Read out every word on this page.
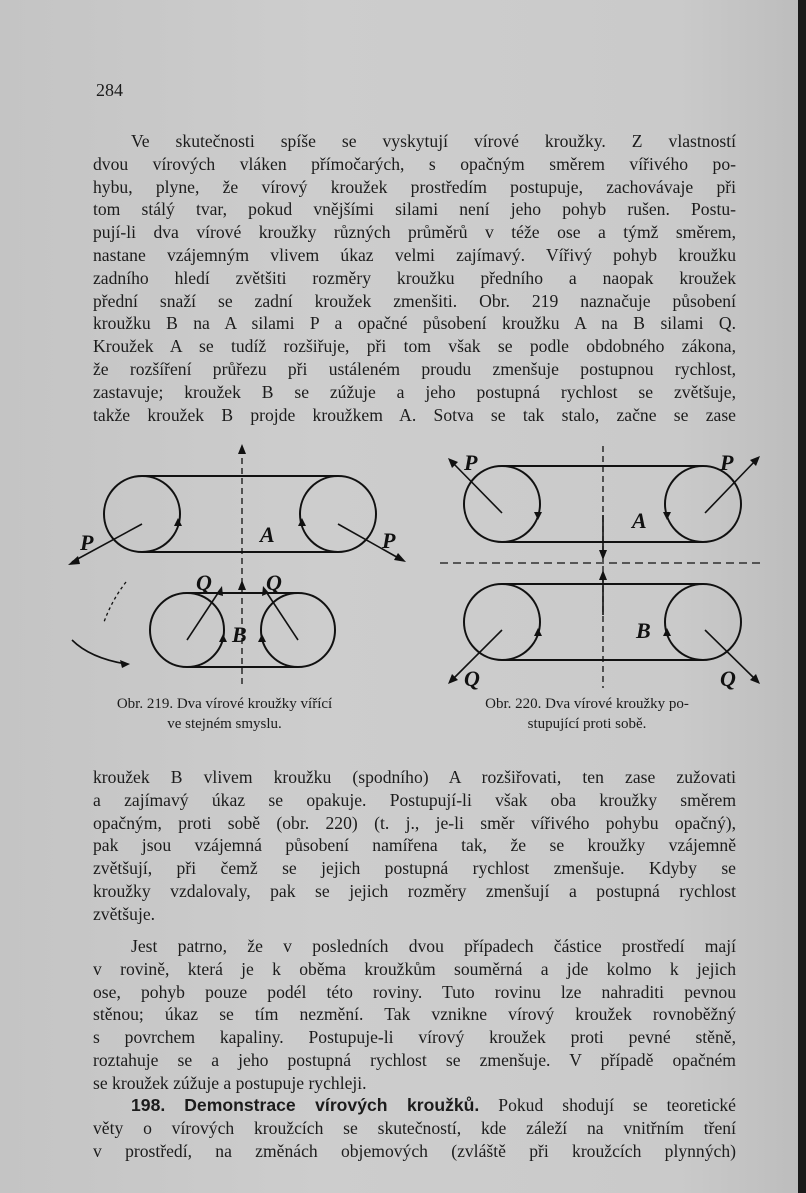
284
Ve skutečnosti spíše se vyskytují vírové kroužky. Z vlastností
dvou vírových vláken přímočarých, s opačným směrem vířivého po-
hybu, plyne, že vírový kroužek prostředím postupuje, zachovávaje při
tom stálý tvar, pokud vnějšími silami není jeho pohyb rušen. Postu-
pují-li dva vírové kroužky různých průměrů v téže ose a týmž směrem,
nastane vzájemným vlivem úkaz velmi zajímavý. Vířivý pohyb kroužku
zadního hledí zvětšiti rozměry kroužku předního a naopak kroužek
přední snaží se zadní kroužek zmenšiti. Obr. 219 naznačuje působení
kroužku B na A silami P a opačné působení kroužku A na B silami Q.
Kroužek A se tudíž rozšiřuje, při tom však se podle obdobného zákona,
že rozšíření průřezu při ustáleném proudu zmenšuje postupnou rychlost,
zastavuje; kroužek B se zúžuje a jeho postupná rychlost se zvětšuje,
takže kroužek B projde kroužkem A. Sotva se tak stalo, začne se zase
A
B
P	P
Q Q
A
B
P	P
Q	Q
Obr. 219. Dva vírové kroužky vířící
ve stejném smyslu.
Obr. 220. Dva vírové kroužky po-
stupující proti sobě.
kroužek B vlivem kroužku (spodního) A rozšiřovati, ten zase zužovati
a zajímavý úkaz se opakuje. Postupují-li však oba kroužky směrem
opačným, proti sobě (obr. 220) (t. j., je-li směr vířivého pohybu opačný),
pak jsou vzájemná působení namířena tak, že se kroužky vzájemně
zvětšují, při čemž se jejich postupná rychlost zmenšuje. Kdyby se
kroužky vzdalovaly, pak se jejich rozměry zmenšují a postupná rychlost
zvětšuje.
Jest patrno, že v posledních dvou případech částice prostředí mají
v rovině, která je k oběma kroužkům souměrná a jde kolmo k jejich
ose, pohyb pouze podél této roviny. Tuto rovinu lze nahraditi pevnou
stěnou; úkaz se tím nezmění. Tak vznikne vírový kroužek rovnoběžný
s povrchem kapaliny. Postupuje-li vírový kroužek proti pevné stěně,
roztahuje se a jeho postupná rychlost se zmenšuje. V případě opačném
se kroužek zúžuje a postupuje rychleji.
198. Demonstrace vírových kroužků. Pokud shodují se teoretické
věty o vírových kroužcích se skutečností, kde záleží na vnitřním tření
v prostředí, na změnách objemových (zvláště při kroužcích plynných)
